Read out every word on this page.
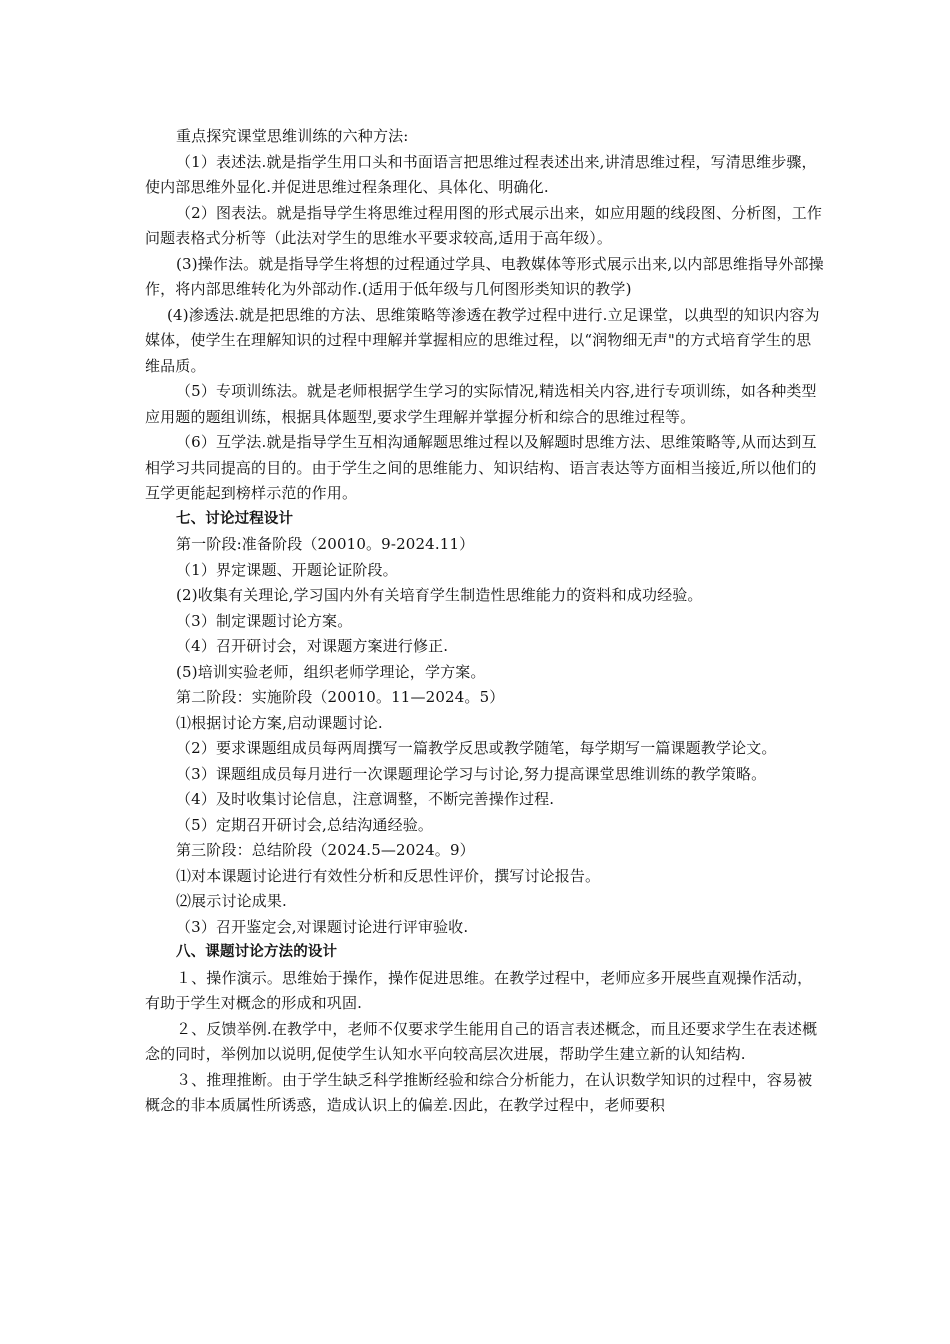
重点探究课堂思维训练的六种方法:

（1）表述法.就是指学生用口头和书面语言把思维过程表述出来,讲清思维过程，写清思维步骤，使内部思维外显化.并促进思维过程条理化、具体化、明确化.

（2）图表法。就是指导学生将思维过程用图的形式展示出来，如应用题的线段图、分析图，工作问题表格式分析等（此法对学生的思维水平要求较高,适用于高年级）。

(3)操作法。就是指导学生将想的过程通过学具、电教媒体等形式展示出来,以内部思维指导外部操作，将内部思维转化为外部动作.(适用于低年级与几何图形类知识的教学)

(4)渗透法.就是把思维的方法、思维策略等渗透在教学过程中进行.立足课堂，以典型的知识内容为媒体，使学生在理解知识的过程中理解并掌握相应的思维过程，以“润物细无声"的方式培育学生的思维品质。

（5）专项训练法。就是老师根据学生学习的实际情况,精选相关内容,进行专项训练，如各种类型应用题的题组训练，根据具体题型,要求学生理解并掌握分析和综合的思维过程等。

（6）互学法.就是指导学生互相沟通解题思维过程以及解题时思维方法、思维策略等,从而达到互相学习共同提高的目的。由于学生之间的思维能力、知识结构、语言表达等方面相当接近,所以他们的互学更能起到榜样示范的作用。

七、讨论过程设计

第一阶段:准备阶段（20010。9-2024.11）

（1）界定课题、开题论证阶段。

(2)收集有关理论,学习国内外有关培育学生制造性思维能力的资料和成功经验。

（3）制定课题讨论方案。

（4）召开研讨会，对课题方案进行修正.

(5)培训实验老师，组织老师学理论，学方案。

第二阶段：实施阶段（20010。11—2024。5）

⑴根据讨论方案,启动课题讨论.

（2）要求课题组成员每两周撰写一篇教学反思或教学随笔，每学期写一篇课题教学论文。

（3）课题组成员每月进行一次课题理论学习与讨论,努力提高课堂思维训练的教学策略。

（4）及时收集讨论信息，注意调整，不断完善操作过程.

（5）定期召开研讨会,总结沟通经验。

第三阶段：总结阶段（2024.5—2024。9）

⑴对本课题讨论进行有效性分析和反思性评价，撰写讨论报告。

⑵展示讨论成果.

（3）召开鉴定会,对课题讨论进行评审验收.

八、课题讨论方法的设计

１、操作演示。思维始于操作，操作促进思维。在教学过程中，老师应多开展些直观操作活动，有助于学生对概念的形成和巩固.

２、反馈举例.在教学中，老师不仅要求学生能用自己的语言表述概念，而且还要求学生在表述概念的同时，举例加以说明,促使学生认知水平向较高层次进展，帮助学生建立新的认知结构.

３、推理推断。由于学生缺乏科学推断经验和综合分析能力，在认识数学知识的过程中，容易被概念的非本质属性所诱惑，造成认识上的偏差.因此，在教学过程中，老师要积
